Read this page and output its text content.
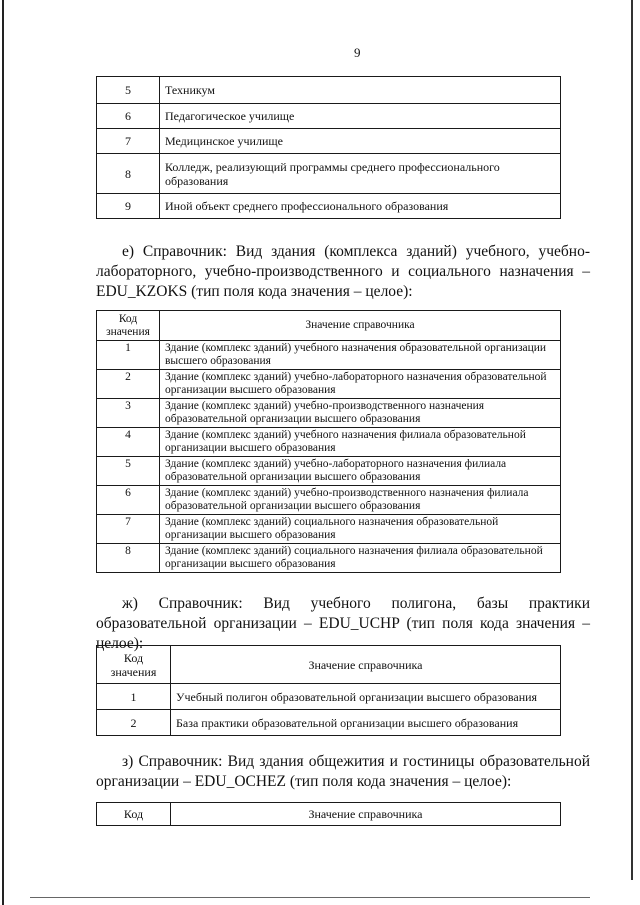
9
5	Техникум
6	Педагогическое училище
7	Медицинское училище
8	Колледж, реализующий программы среднего профессионального образования
9	Иной объект среднего профессионального образования

е) Справочник: Вид здания (комплекса зданий) учебного, учебно-лабораторного, учебно-производственного и социального назначения – EDU_KZOKS (тип поля кода значения – целое):

Код значения	Значение справочника
1	Здание (комплекс зданий) учебного назначения образовательной организации высшего образования
2	Здание (комплекс зданий) учебно-лабораторного назначения образовательной организации высшего образования
3	Здание (комплекс зданий) учебно-производственного назначения образовательной организации высшего образования
4	Здание (комплекс зданий) учебного назначения филиала образовательной организации высшего образования
5	Здание (комплекс зданий) учебно-лабораторного назначения филиала образовательной организации высшего образования
6	Здание (комплекс зданий) учебно-производственного назначения филиала образовательной организации высшего образования
7	Здание (комплекс зданий) социального назначения образовательной организации высшего образования
8	Здание (комплекс зданий) социального назначения филиала образовательной организации высшего образования

ж) Справочник: Вид учебного полигона, базы практики образовательной организации – EDU_UCHP (тип поля кода значения – целое):

Код значения	Значение справочника
1	Учебный полигон образовательной организации высшего образования
2	База практики образовательной организации высшего образования

з) Справочник: Вид здания общежития и гостиницы образовательной организации – EDU_OCHEZ (тип поля кода значения – целое):

Код	Значение справочника
